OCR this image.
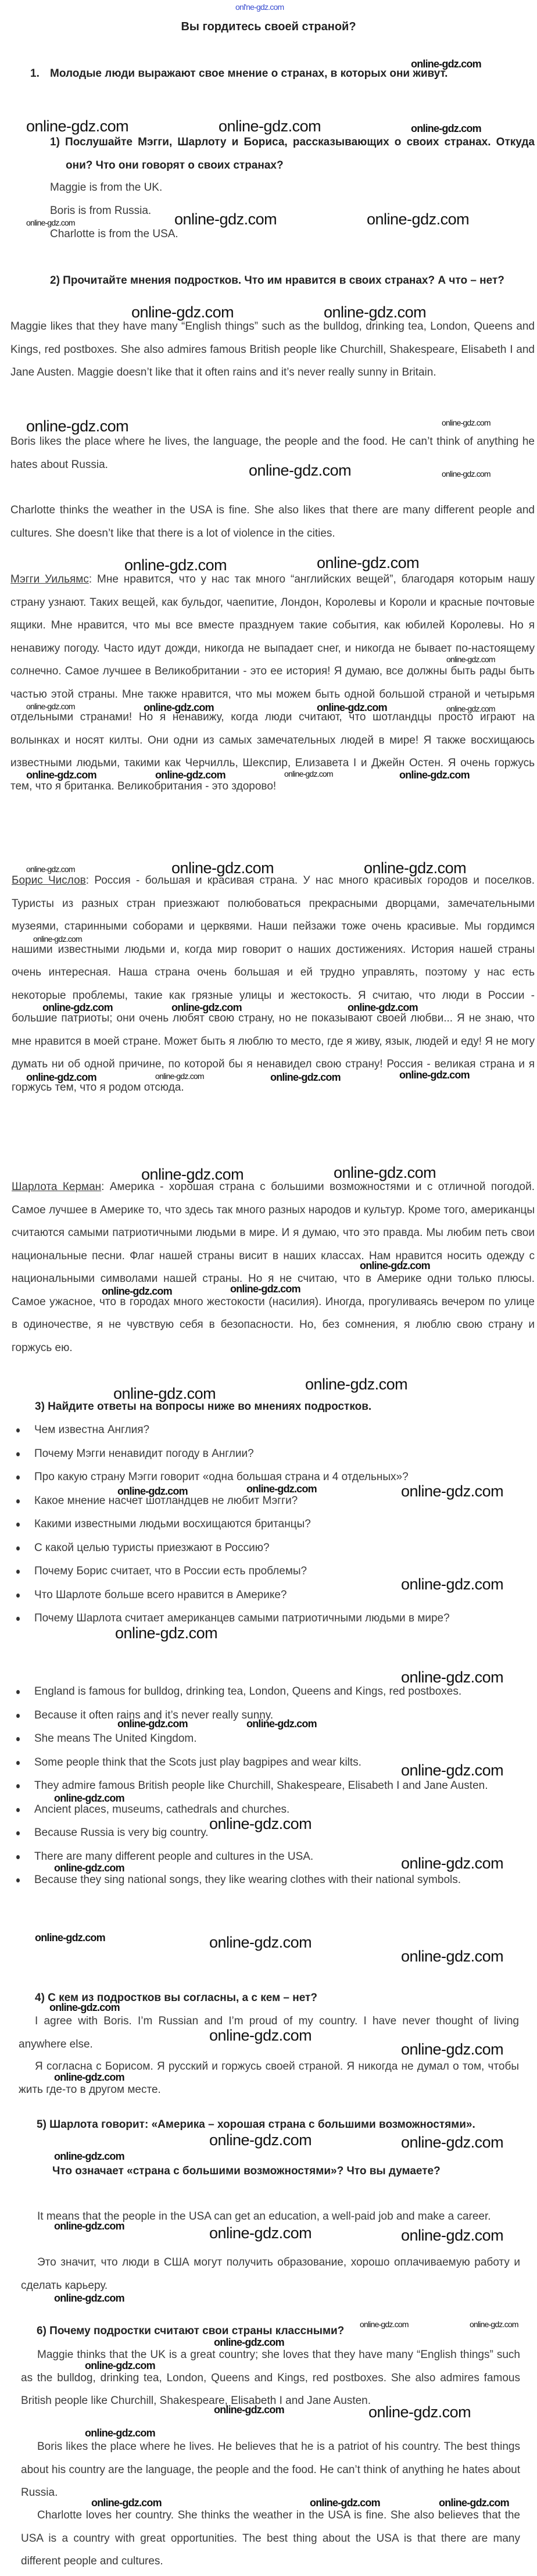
Вы гордитесь своей страной?
1. Молодые люди выражают свое мнение о странах, в которых они живут.
1) Послушайте Мэгги, Шарлоту и Бориса, рассказывающих о своих странах. Откуда они? Что они говорят о своих странах?
Maggie is from the UK.
Boris is from Russia.
Charlotte is from the USA.
2) Прочитайте мнения подростков. Что им нравится в своих странах? А что – нет?
Maggie likes that they have many “English things” such as the bulldog, drinking tea, London, Queens and Kings, red postboxes. She also admires famous British people like Churchill, Shakespeare, Elisabeth I and Jane Austen. Maggie doesn’t like that it often rains and it’s never really sunny in Britain.
Boris likes the place where he lives, the language, the people and the food. He can’t think of anything he hates about Russia.
Charlotte thinks the weather in the USA is fine. She also likes that there are many different people and cultures. She doesn’t like that there is a lot of violence in the cities.
Мэгги Уильямс: Мне нравится, что у нас так много “английских вещей”, благодаря которым нашу страну узнают. Таких вещей, как бульдог, чаепитие, Лондон, Королевы и Короли и красные почтовые ящики. Мне нравится, что мы все вместе празднуем такие события, как юбилей Королевы. Но я ненавижу погоду. Часто идут дожди, никогда не выпадает снег, и никогда не бывает по-настоящему солнечно. Самое лучшее в Великобритании - это ее история! Я думаю, все должны быть рады быть частью этой страны. Мне также нравится, что мы можем быть одной большой страной и четырьмя отдельными странами! Но я ненавижу, когда люди считают, что шотландцы просто играют на волынках и носят килты. Они одни из самых замечательных людей в мире! Я также восхищаюсь известными людьми, такими как Черчилль, Шекспир, Елизавета I и Джейн Остен. Я очень горжусь тем, что я британка. Великобритания - это здорово!
Борис Числов: Россия - большая и красивая страна. У нас много красивых городов и поселков. Туристы из разных стран приезжают полюбоваться прекрасными дворцами, замечательными музеями, старинными соборами и церквями. Наши пейзажи тоже очень красивые. Мы гордимся нашими известными людьми и, когда мир говорит о наших достижениях. История нашей страны очень интересная. Наша страна очень большая и ей трудно управлять, поэтому у нас есть некоторые проблемы, такие как грязные улицы и жестокость. Я считаю, что люди в России - большие патриоты; они очень любят свою страну, но не показывают своей любви... Я не знаю, что мне нравится в моей стране. Может быть я люблю то место, где я живу, язык, людей и еду! Я не могу думать ни об одной причине, по которой бы я ненавидел свою страну! Россия - великая страна и я горжусь тем, что я родом отсюда.
Шарлота Керман: Америка - хорошая страна с большими возможностями и с отличной погодой. Самое лучшее в Америке то, что здесь так много разных народов и культур. Кроме того, американцы считаются самыми патриотичными людьми в мире. И я думаю, что это правда. Мы любим петь свои национальные песни. Флаг нашей страны висит в наших классах. Нам нравится носить одежду с национальными символами нашей страны. Но я не считаю, что в Америке одни только плюсы. Самое ужасное, что в городах много жестокости (насилия). Иногда, прогуливаясь вечером по улице в одиночестве, я не чувствую себя в безопасности. Но, без сомнения, я люблю свою страну и горжусь ею.
3) Найдите ответы на вопросы ниже во мнениях подростков.
Чем известна Англия?
Почему Мэгги ненавидит погоду в Англии?
Про какую страну Мэгги говорит «одна большая страна и 4 отдельных»?
Какое мнение насчет шотландцев не любит Мэгги?
Какими известными людьми восхищаются британцы?
С какой целью туристы приезжают в Россию?
Почему Борис считает, что в России есть проблемы?
Что Шарлоте больше всего нравится в Америке?
Почему Шарлота считает американцев самыми патриотичными людьми в мире?
England is famous for bulldog, drinking tea, London, Queens and Kings, red postboxes.
Because it often rains and it’s never really sunny.
She means The United Kingdom.
Some people think that the Scots just play bagpipes and wear kilts.
They admire famous British people like Churchill, Shakespeare, Elisabeth I and Jane Austen.
Ancient places, museums, cathedrals and churches.
Because Russia is very big country.
There are many different people and cultures in the USA.
Because they sing national songs, they like wearing clothes with their national symbols.
4) С кем из подростков вы согласны, а с кем – нет?
I agree with Boris. I’m Russian and I’m proud of my country. I have never thought of living anywhere else.
Я согласна с Борисом. Я русский и горжусь своей страной. Я никогда не думал о том, чтобы жить где-то в другом месте.
5) Шарлота говорит: «Америка – хорошая страна с большими возможностями».
Что означает «страна с большими возможностями»? Что вы думаете?
It means that the people in the USA can get an education, a well-paid job and make a career.
Это значит, что люди в США могут получить образование, хорошо оплачиваемую работу и сделать карьеру.
6) Почему подростки считают свои страны классными?
Maggie thinks that the UK is a great country; she loves that they have many “English things” such as the bulldog, drinking tea, London, Queens and Kings, red postboxes. She also admires famous British people like Churchill, Shakespeare, Elisabeth I and Jane Austen.
Boris likes the place where he lives. He believes that he is a patriot of his country. The best things about his country are the language, the people and the food. He can’t think of anything he hates about Russia.
Charlotte loves her country. She thinks the weather in the USA is fine. She also believes that the USA is a country with great opportunities. The best thing about the USA is that there are many different people and cultures.
onl'ne-gdz.com
online-gdz.com
online-gdz.com	online-gdz.com	online-gdz.com
online-gdz.com	online-gdz.com
online-gdz.com
online-gdz.com	online-gdz.com
online-gdz.com	online-gdz.com
online-gdz.com	online-gdz.com
online-gdz.com	online-gdz.com
online-gdz.com
online-gdz.com	online-gdz.com	online-gdz.com	online-gdz.com
online-gdz.com	online-gdz.com	online-gdz.com	online-gdz.com
online-gdz.com	online-gdz.com	online-gdz.com
online-gdz.com
online-gdz.com	online-gdz.com	online-gdz.com
online-gdz.com	online-gdz.com	online-gdz.com	online-gdz.com
online-gdz.com	online-gdz.com
online-gdz.com
online-gdz.com	online-gdz.com
online-gdz.com
online-gdz.com
online-gdz.com	online-gdz.com	online-gdz.com
online-gdz.com
online-gdz.com
online-gdz.com
online-gdz.com	online-gdz.com
online-gdz.com
online-gdz.com
online-gdz.com
online-gdz.com
online-gdz.com
online-gdz.com	online-gdz.com
online-gdz.com
online-gdz.com
online-gdz.com
online-gdz.com
online-gdz.com
online-gdz.com	online-gdz.com
online-gdz.com
online-gdz.com	online-gdz.com	online-gdz.com
online-gdz.com
online-gdz.com	online-gdz.com
online-gdz.com
online-gdz.com
online-gdz.com	online-gdz.com
online-gdz.com
online-gdz.com	online-gdz.com	online-gdz.com
